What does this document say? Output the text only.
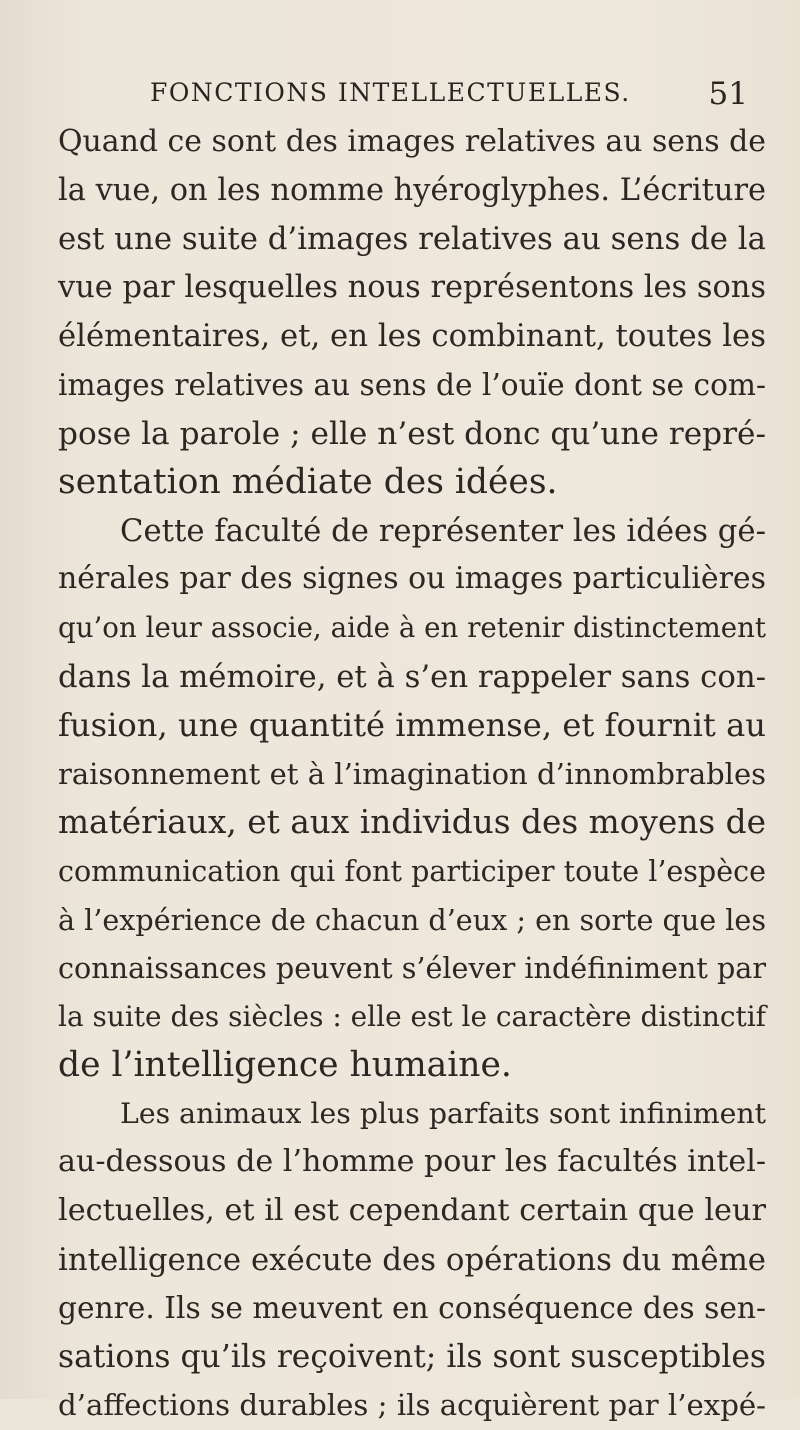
FONCTIONS INTELLECTUELLES.	51
Quand ce sont des images relatives au sens de
la vue, on les nomme hyéroglyphes. L’écriture
est une suite d’images relatives au sens de la
vue par lesquelles nous représentons les sons
élémentaires, et, en les combinant, toutes les
images relatives au sens de l’ouïe dont se com-
pose la parole ; elle n’est donc qu’une repré-
sentation médiate des idées.
Cette faculté de représenter les idées gé-
nérales par des signes ou images particulières
qu’on leur associe, aide à en retenir distinctement
dans la mémoire, et à s’en rappeler sans con-
fusion, une quantité immense, et fournit au
raisonnement et à l’imagination d’innombrables
matériaux, et aux individus des moyens de
communication qui font participer toute l’espèce
à l’expérience de chacun d’eux ; en sorte que les
connaissances peuvent s’élever indéfiniment par
la suite des siècles : elle est le caractère distinctif
de l’intelligence humaine.
Les animaux les plus parfaits sont infiniment
au-dessous de l’homme pour les facultés intel-
lectuelles, et il est cependant certain que leur
intelligence exécute des opérations du même
genre. Ils se meuvent en conséquence des sen-
sations qu’ils reçoivent; ils sont susceptibles
d’affections durables ; ils acquièrent par l’expé-
